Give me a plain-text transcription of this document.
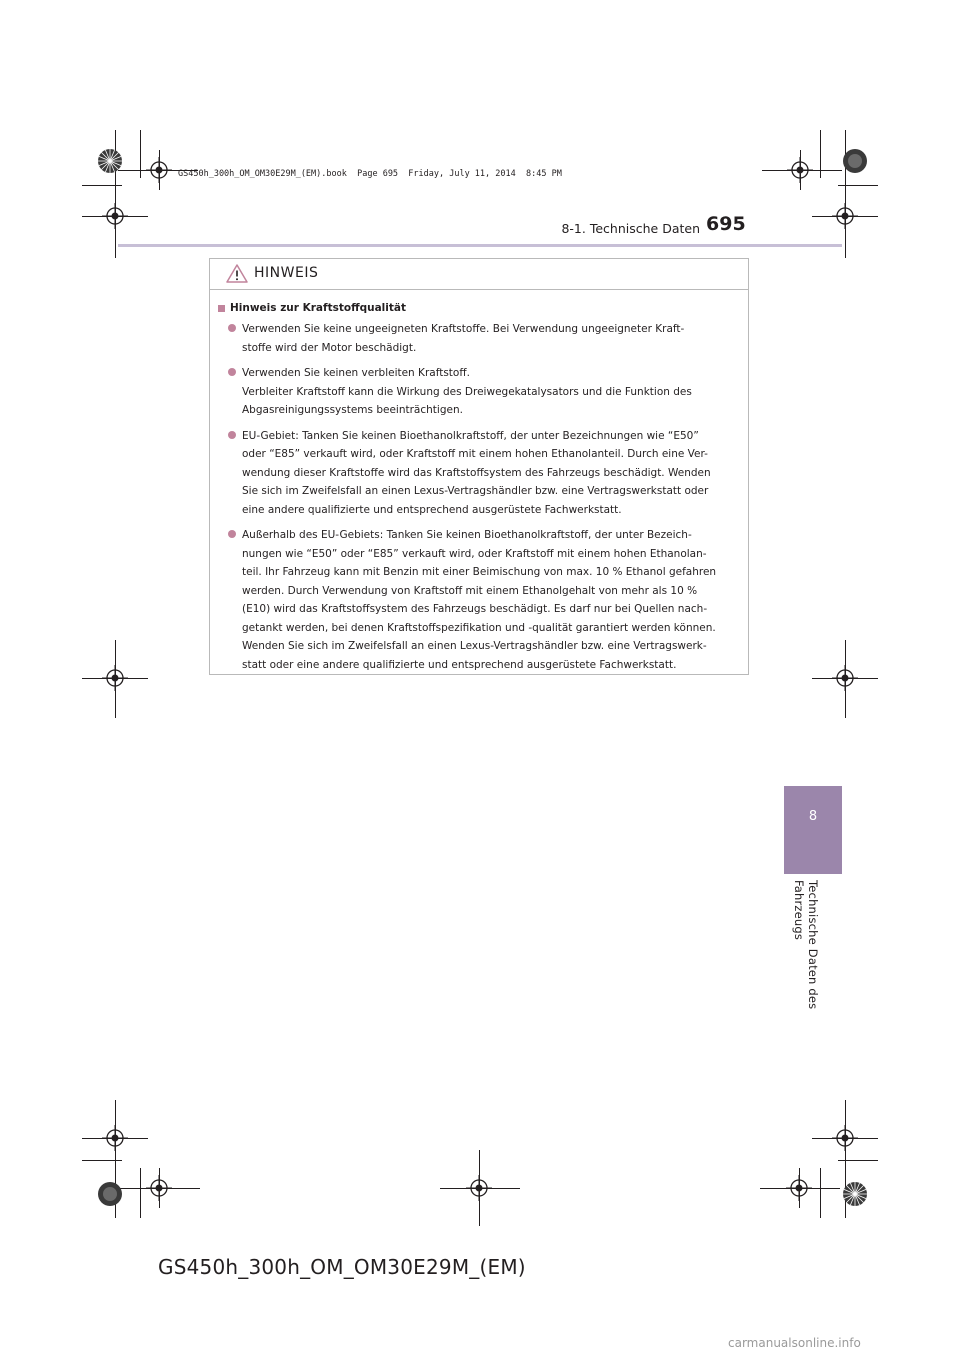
GS450h_300h_OM_OM30E29M_(EM).book  Page 695  Friday, July 11, 2014  8:45 PM
8-1. Technische Daten 695
8
Technische Daten des Fahrzeugs
HINWEIS
Hinweis zur Kraftstoffqualität
Verwenden Sie keine ungeeigneten Kraftstoffe. Bei Verwendung ungeeigneter Kraft-
stoffe wird der Motor beschädigt.
Verwenden Sie keinen verbleiten Kraftstoff.
Verbleiter Kraftstoff kann die Wirkung des Dreiwegekatalysators und die Funktion des
Abgasreinigungssystems beeinträchtigen.
EU-Gebiet: Tanken Sie keinen Bioethanolkraftstoff, der unter Bezeichnungen wie “E50”
oder “E85” verkauft wird, oder Kraftstoff mit einem hohen Ethanolanteil. Durch eine Ver-
wendung dieser Kraftstoffe wird das Kraftstoffsystem des Fahrzeugs beschädigt. Wenden
Sie sich im Zweifelsfall an einen Lexus-Vertragshändler bzw. eine Vertragswerkstatt oder
eine andere qualifizierte und entsprechend ausgerüstete Fachwerkstatt.
Außerhalb des EU-Gebiets: Tanken Sie keinen Bioethanolkraftstoff, der unter Bezeich-
nungen wie “E50” oder “E85” verkauft wird, oder Kraftstoff mit einem hohen Ethanolan-
teil. Ihr Fahrzeug kann mit Benzin mit einer Beimischung von max. 10 % Ethanol gefahren
werden. Durch Verwendung von Kraftstoff mit einem Ethanolgehalt von mehr als 10 %
(E10) wird das Kraftstoffsystem des Fahrzeugs beschädigt. Es darf nur bei Quellen nach-
getankt werden, bei denen Kraftstoffspezifikation und -qualität garantiert werden können.
Wenden Sie sich im Zweifelsfall an einen Lexus-Vertragshändler bzw. eine Vertragswerk-
statt oder eine andere qualifizierte und entsprechend ausgerüstete Fachwerkstatt.
GS450h_300h_OM_OM30E29M_(EM)
carmanualsonline.info
